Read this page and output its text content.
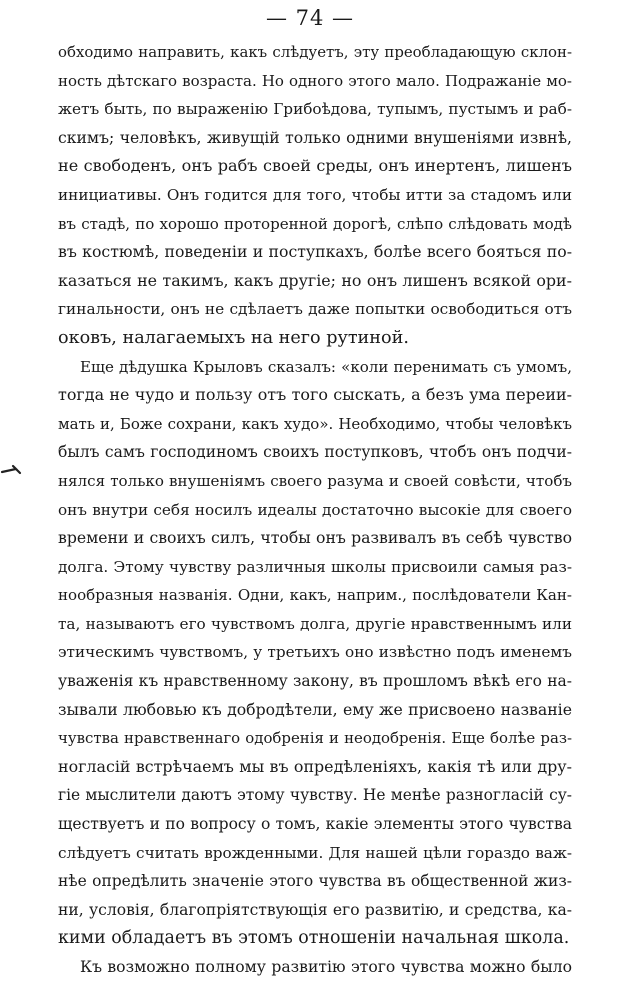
— 74 —
обходимо направить, какъ слѣдуетъ, эту преобладающую склон-
ность дѣтскаго возраста. Но одного этого мало. Подражаніе мо-
жетъ быть, по выраженію Грибоѣдова, тупымъ, пустымъ и раб-
скимъ; человѣкъ, живущій только одними внушеніями извнѣ,
не свободенъ, онъ рабъ своей среды, онъ инертенъ, лишенъ
инициативы. Онъ годится для того, чтобы итти за стадомъ или
въ стадѣ, по хорошо проторенной дорогѣ, слѣпо слѣдовать модѣ
въ костюмѣ, поведеніи и поступкахъ, болѣе всего бояться по-
казаться не такимъ, какъ другіе; но онъ лишенъ всякой ори-
гинальности, онъ не сдѣлаетъ даже попытки освободиться отъ
оковъ, налагаемыхъ на него рутиной.
Еще дѣдушка Крыловъ сказалъ: «коли перенимать съ умомъ,
тогда не чудо и пользу отъ того сыскать, а безъ ума переии-
мать и, Боже сохрани, какъ худо». Необходимо, чтобы человѣкъ
былъ самъ господиномъ своихъ поступковъ, чтобъ онъ подчи-
нялся только внушеніямъ своего разума и своей совѣсти, чтобъ
онъ внутри себя носилъ идеалы достаточно высокіе для своего
времени и своихъ силъ, чтобы онъ развивалъ въ себѣ чувство
долга. Этому чувству различныя школы присвоили самыя раз-
нообразныя названія. Одни, какъ, наприм., послѣдователи Кан-
та, называютъ его чувствомъ долга, другіе нравственнымъ или
этическимъ чувствомъ, у третьихъ оно извѣстно подъ именемъ
уваженія къ нравственному закону, въ прошломъ вѣкѣ его на-
зывали любовью къ добродѣтели, ему же присвоено названіе
чувства нравственнаго одобренія и неодобренія. Еще болѣе раз-
ногласій встрѣчаемъ мы въ опредѣленіяхъ, какія тѣ или дру-
гіе мыслители даютъ этому чувству. Не менѣе разногласій су-
ществуетъ и по вопросу о томъ, какіе элементы этого чувства
слѣдуетъ считать врожденными. Для нашей цѣли гораздо важ-
нѣе опредѣлить значеніе этого чувства въ общественной жиз-
ни, условія, благопріятствующія его развитію, и средства, ка-
кими обладаетъ въ этомъ отношеніи начальная школа.
Къ возможно полному развитію этого чувства можно было
